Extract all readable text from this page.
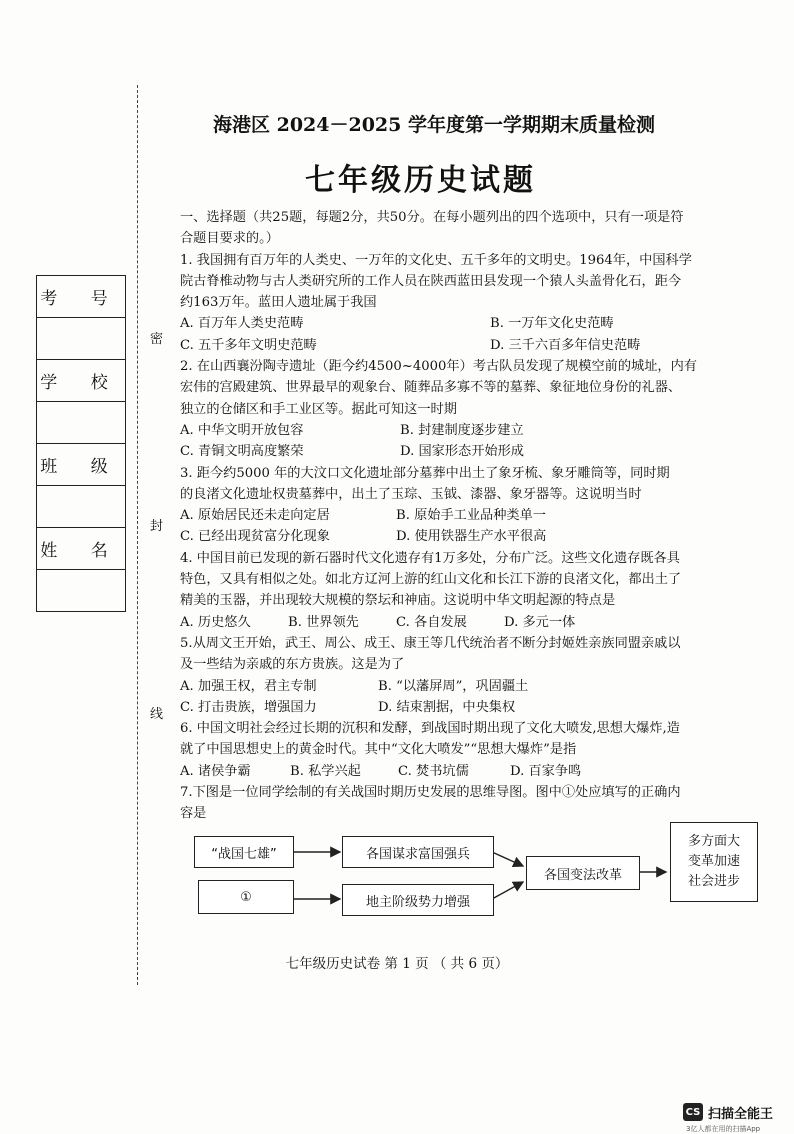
密
封
线
考 号

学 校

班 级

姓 名

海港区 2024－2025 学年度第一学期期末质量检测
七年级历史试题

一、选择题（共25题，每题2分，共50分。在每小题列出的四个选项中，只有一项是符

合题目要求的。）

1. 我国拥有百万年的人类史、一万年的文化史、五千多年的文明史。1964年，中国科学

院古脊椎动物与古人类研究所的工作人员在陕西蓝田县发现一个猿人头盖骨化石，距今

约163万年。蓝田人遗址属于我国

A. 百万年人类史范畴	B. 一万年文化史范畴
C. 五千多年文明史范畴	D. 三千六百多年信史范畴

2. 在山西襄汾陶寺遗址（距今约4500~4000年）考古队员发现了规模空前的城址，内有

宏伟的宫殿建筑、世界最早的观象台、随葬品多寡不等的墓葬、象征地位身份的礼器、

独立的仓储区和手工业区等。据此可知这一时期

A. 中华文明开放包容	B. 封建制度逐步建立
C. 青铜文明高度繁荣	D. 国家形态开始形成

3. 距今约5000 年的大汶口文化遗址部分墓葬中出土了象牙梳、象牙雕筒等，同时期

的良渚文化遗址权贵墓葬中，出土了玉琮、玉钺、漆器、象牙器等。这说明当时

A. 原始居民还未走向定居	B. 原始手工业品种类单一
C. 已经出现贫富分化现象	D. 使用铁器生产水平很高

4. 中国目前已发现的新石器时代文化遗存有1万多处，分布广泛。这些文化遗存既各具

特色，又具有相似之处。如北方辽河上游的红山文化和长江下游的良渚文化，都出土了

精美的玉器，并出现较大规模的祭坛和神庙。这说明中华文明起源的特点是

A. 历史悠久	B. 世界领先	C. 各自发展	D. 多元一体

5.从周文王开始，武王、周公、成王、康王等几代统治者不断分封姬姓亲族同盟亲戚以

及一些结为亲戚的东方贵族。这是为了

A. 加强王权，君主专制	B. “以藩屏周”，巩固疆土
C. 打击贵族，增强国力	D. 结束割据，中央集权

6. 中国文明社会经过长期的沉积和发酵，到战国时期出现了文化大喷发,思想大爆炸,造

就了中国思想史上的黄金时代。其中“文化大喷发”“思想大爆炸”是指

A. 诸侯争霸	B. 私学兴起	C. 焚书坑儒	D. 百家争鸣

7.下图是一位同学绘制的有关战国时期历史发展的思维导图。图中①处应填写的正确内

容是

“战国七雄”	各国谋求富国强兵
①	地主阶级势力增强
各国变法改革
多方面大
变革加速
社会进步
七年级历史试卷 第 1 页 （ 共 6 页）
CS 扫描全能王
3亿人都在用的扫描App
